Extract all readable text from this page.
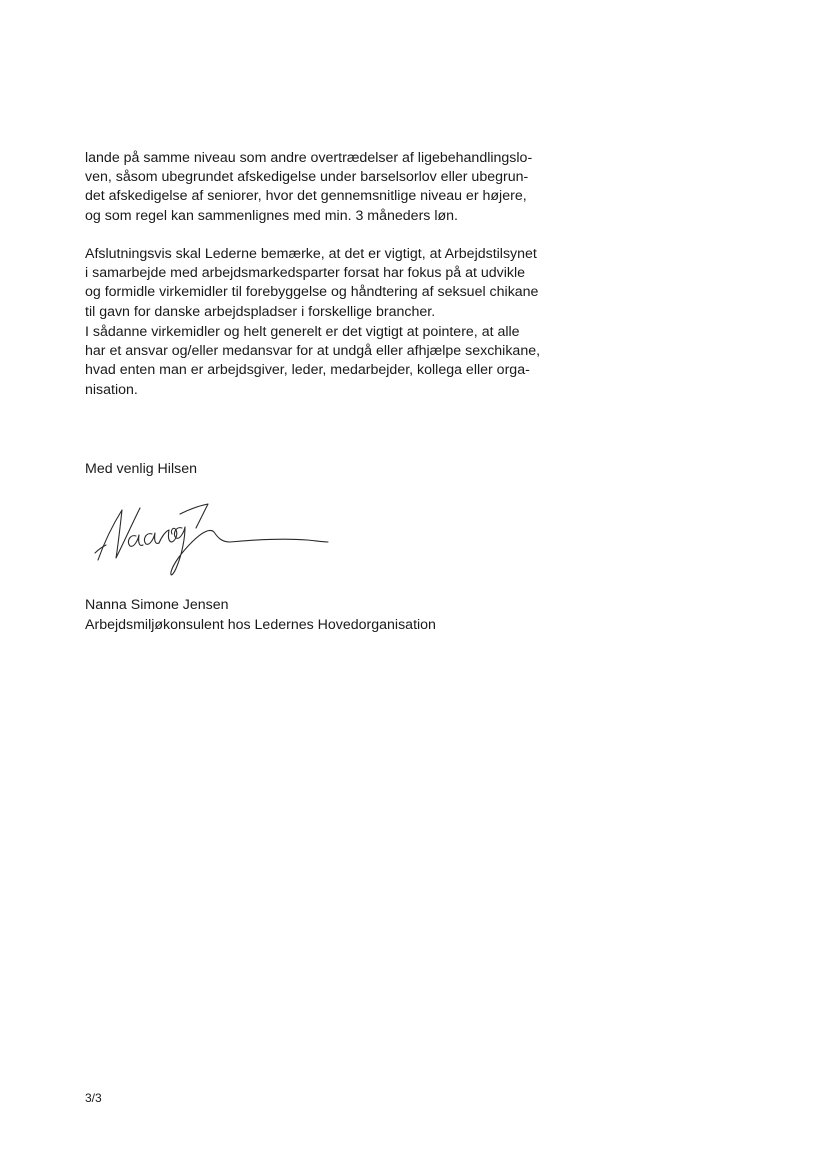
lande på samme niveau som andre overtrædelser af ligebehandlingslo-
ven, såsom ubegrundet afskedigelse under barselsorlov eller ubegrun-
det afskedigelse af seniorer, hvor det gennemsnitlige niveau er højere,
og som regel kan sammenlignes med min. 3 måneders løn.

Afslutningsvis skal Lederne bemærke, at det er vigtigt, at Arbejdstilsynet
i samarbejde med arbejdsmarkedsparter forsat har fokus på at udvikle
og formidle virkemidler til forebyggelse og håndtering af seksuel chikane
til gavn for danske arbejdspladser i forskellige brancher.

I sådanne virkemidler og helt generelt er det vigtigt at pointere, at alle
har et ansvar og/eller medansvar for at undgå eller afhjælpe sexchikane,
hvad enten man er arbejdsgiver, leder, medarbejder, kollega eller orga-
nisation.

Med venlig Hilsen

Nanna Simone Jensen

Arbejdsmiljøkonsulent hos Ledernes Hovedorganisation

3/3
